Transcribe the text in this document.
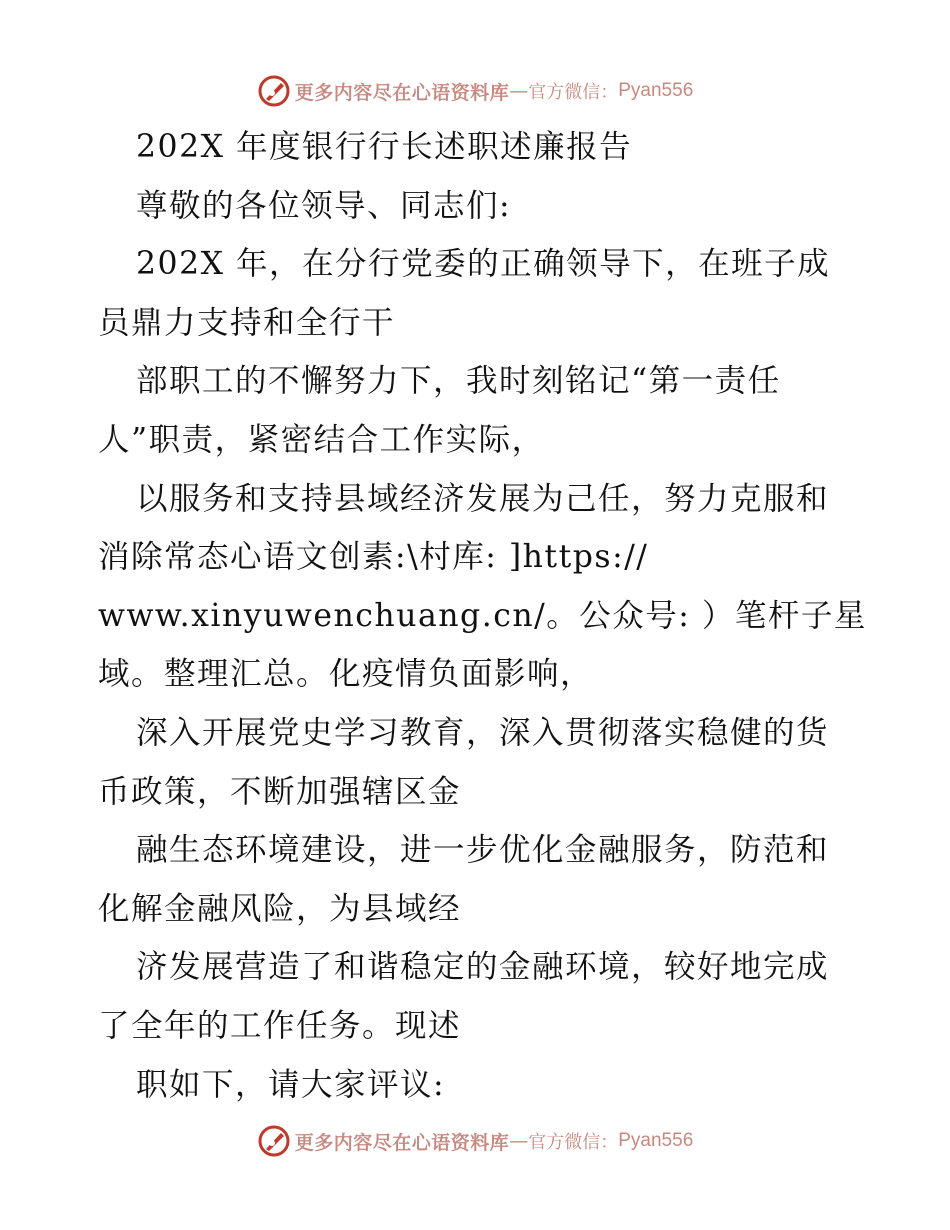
更多内容尽在心语资料库 — 官方微信： Pyan556
202X 年度银行行长述职述廉报告
尊敬的各位领导、同志们:
202X 年，在分行党委的正确领导下，在班子成
员鼎力支持和全行干
部职工的不懈努力下，我时刻铭记“第一责任
人”职责，紧密结合工作实际，
以服务和支持县域经济发展为己任，努力克服和
消除常态心语文创素:\村库: ]https://
www.xinyuwenchuang.cn/。公众号: ）笔杆子星
域。整理汇总。化疫情负面影响，
深入开展党史学习教育，深入贯彻落实稳健的货
币政策，不断加强辖区金
融生态环境建设，进一步优化金融服务，防范和
化解金融风险，为县域经
济发展营造了和谐稳定的金融环境，较好地完成
了全年的工作任务。现述
职如下，请大家评议:
更多内容尽在心语资料库 — 官方微信： Pyan556
